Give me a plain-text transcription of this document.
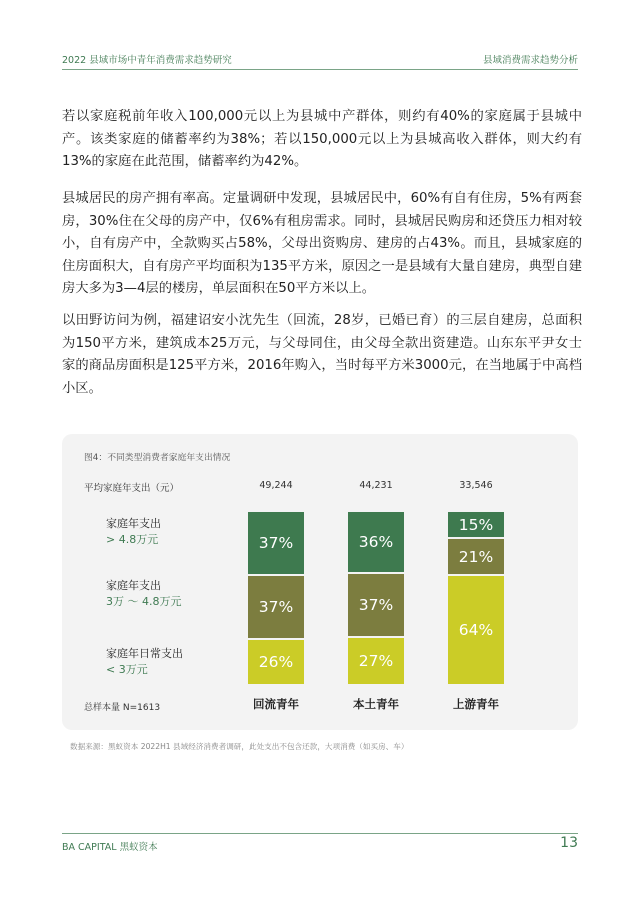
2022 县域市场中青年消费需求趋势研究	县域消费需求趋势分析

若以家庭税前年收入100,000元以上为县城中产群体，则约有40%的家庭属于县城中产。该类家庭的储蓄率约为38%；若以150,000元以上为县城高收入群体，则大约有13%的家庭在此范围，储蓄率约为42%。

县城居民的房产拥有率高。定量调研中发现，县城居民中，60%有自有住房，5%有两套房，30%住在父母的房产中，仅6%有租房需求。同时，县城居民购房和还贷压力相对较小，自有房产中，全款购买占58%，父母出资购房、建房的占43%。而且，县城家庭的住房面积大，自有房产平均面积为135平方米，原因之一是县域有大量自建房，典型自建房大多为3—4层的楼房，单层面积在50平方米以上。

以田野访问为例，福建诏安小沈先生（回流，28岁，已婚已育）的三层自建房，总面积为150平方米，建筑成本25万元，与父母同住，由父母全款出资建造。山东东平尹女士家的商品房面积是125平方米，2016年购入，当时每平方米3000元，在当地属于中高档小区。

图4：不同类型消费者家庭年支出情况
平均家庭年支出（元）	49,244	44,231	33,546
家庭年支出
> 4.8万元
家庭年支出
3万 ～ 4.8万元
家庭年日常支出
< 3万元
37%
37%
26%
36%
37%
27%
15%
21%
64%
回流青年	本土青年	上游青年
总样本量 N=1613
数据来源：黑蚁资本 2022H1 县域经济消费者调研，此处支出不包含还款，大项消费（如买房、车）
BA CAPITAL 黑蚁资本	13
